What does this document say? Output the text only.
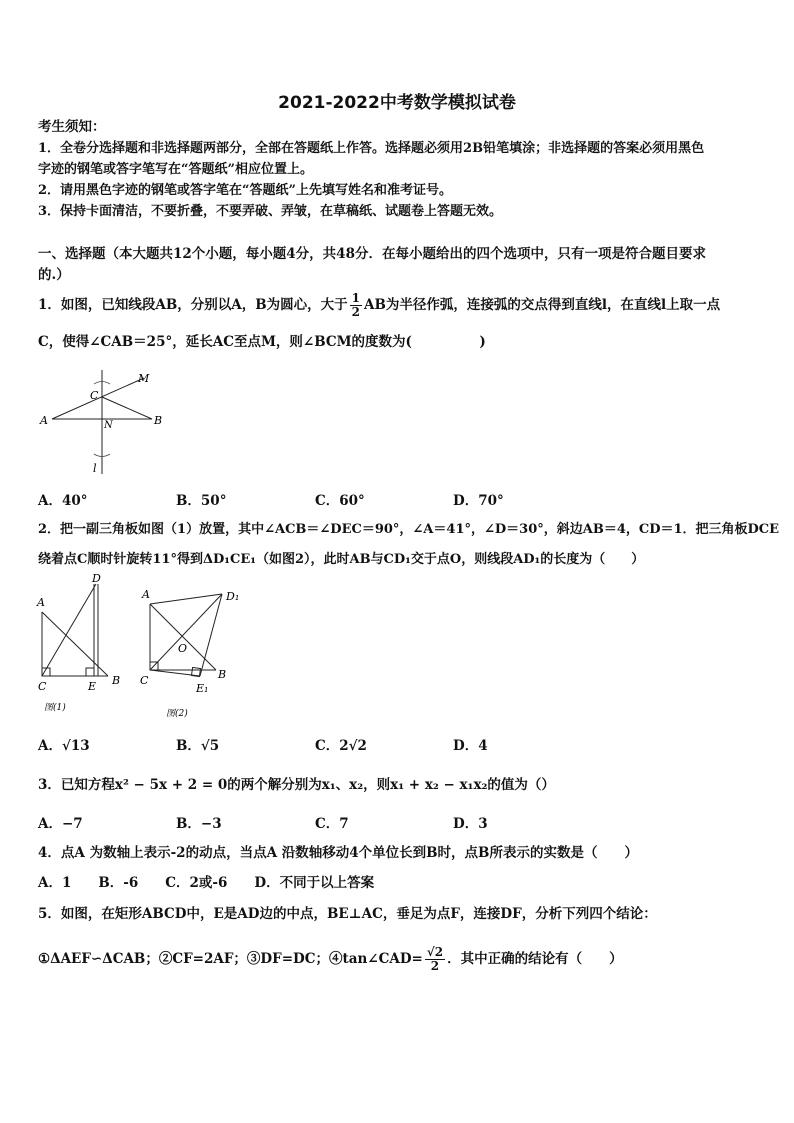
2021-2022中考数学模拟试卷
考生须知：
1．全卷分选择题和非选择题两部分，全部在答题纸上作答。选择题必须用2B铅笔填涂；非选择题的答案必须用黑色
字迹的钢笔或答字笔写在“答题纸”相应位置上。
2．请用黑色字迹的钢笔或答字笔在“答题纸”上先填写姓名和准考证号。
3．保持卡面清洁，不要折叠，不要弄破、弄皱，在草稿纸、试题卷上答题无效。
一、选择题（本大题共12个小题，每小题4分，共48分．在每小题给出的四个选项中，只有一项是符合题目要求
的.）
1．如图，已知线段AB，分别以A，B为圆心，大于 $\frac{1}{2}$ AB为半径作弧，连接弧的交点得到直线l，在直线l上取一点
C，使得∠CAB＝25°，延长AC至点M，则∠BCM的度数为(　　　　　)
A	B
C
M
N
l
A．40°	B．50°	C．60°	D．70°
2．把一副三角板如图（1）放置，其中∠ACB＝∠DEC＝90°，∠A＝41°，∠D＝30°，斜边AB＝4，CD＝1．把三角板DCE
绕着点C顺时针旋转11°得到ΔD₁CE₁（如图2），此时AB与CD₁交于点O，则线段AD₁的长度为（　　）
A
D
C	E B
图(1)
A	D₁
O
C	B
E₁
图(2)
A．√13	B．√5	C．2√2	D．4
3．已知方程x² − 5x + 2 = 0的两个解分别为x₁、x₂，则x₁ + x₂ − x₁x₂的值为（）
A．−7	B．−3	C．7	D．3
4．点A 为数轴上表示-2的动点，当点A 沿数轴移动4个单位长到B时，点B所表示的实数是（　　）
A．1　　B．-6　　C．2或-6　　D．不同于以上答案
5．如图，在矩形ABCD中，E是AD边的中点，BE⊥AC，垂足为点F，连接DF，分析下列四个结论：
①ΔAEF∽ΔCAB；②CF=2AF；③DF=DC；④tan∠CAD= $\frac{√2}{2}$ ．其中正确的结论有（　　）
